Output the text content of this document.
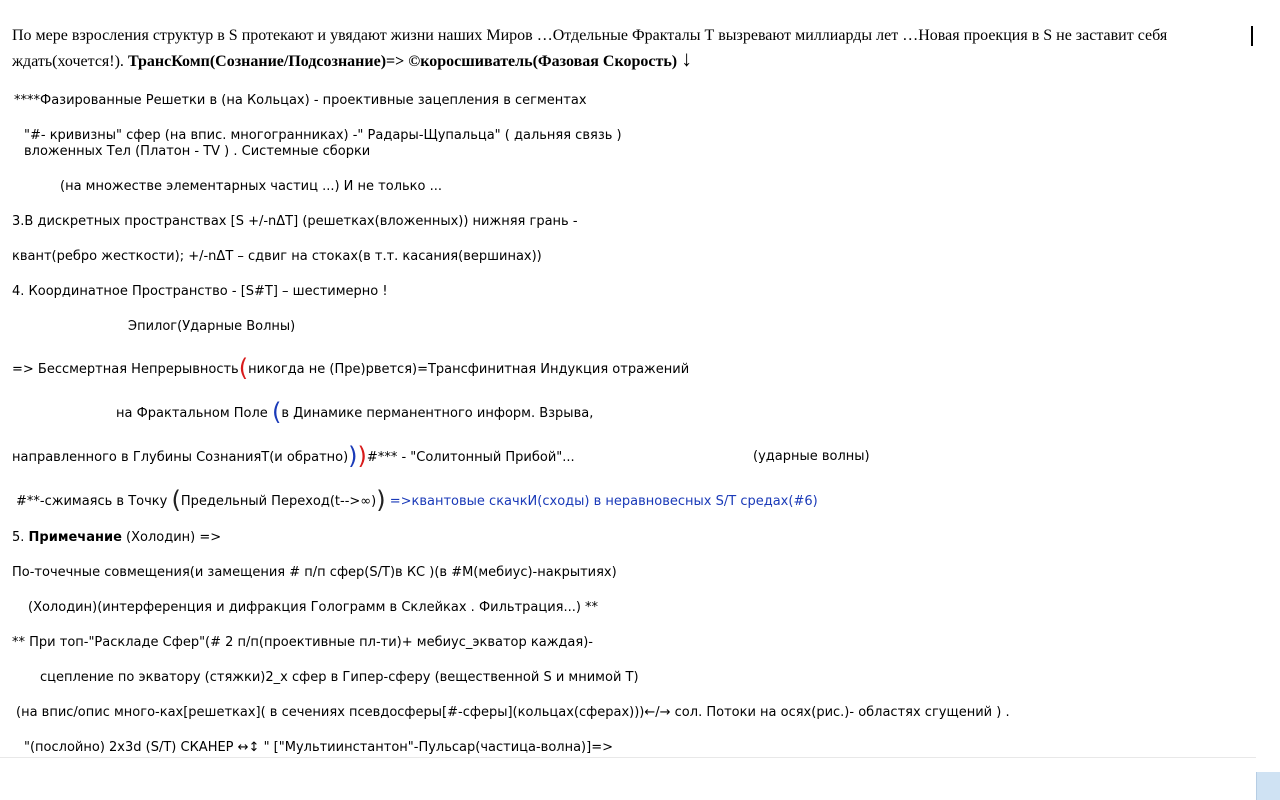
По мере взросления структур в S протекают и увядают жизни наших Миров …Отдельные Фракталы Т вызревают миллиарды лет …Новая проекция в S не заставит себя
ждать(хочется!). ТрансКомп(Сознание/Подсознание)=> ©короcшиватель(Фазовая Скорость) ↓
****Фазированные Решетки в (на Кольцах) - проективные зацепления в сегментах
"#- кривизны" сфер (на впис. многогранниках) -" Радары-Щупальца" ( дальняя связь )
вложенных Тел (Платон - TV ) . Системные сборки
(на множестве элементарных частиц ...) И не только ...
3.В дискретных пространствах [S +/-nΔT] (решетках(вложенных)) нижняя грань -
квант(ребро жесткости); +/-nΔT – сдвиг на стоках(в т.т. касания(вершинах))
4. Координатное Пространство - [S#T] – шестимерно !
Эпилог(Ударные Волны)
=> Бессмертная Непрерывность(никогда не (Пре)рвется)=Трансфинитная Индукция отражений
на Фрактальном Поле (в Динамике перманентного информ. Взрыва,
направленного в Глубины СознанияТ(и обратно)))#*** - "Солитонный Прибой"...	(ударные волны)
#**-сжимаясь в Точку (Предельный Переход(t-->∞)) =>квантовые скачкИ(сходы) в неравновесных S/T средах(#6)
5. Примечание (Холодин) =>
По-точечные совмещения(и замещения # п/п сфер(S/T)в КС )(в #M(мебиус)-накрытиях)
(Холодин)(интерференция и дифракция Голограмм в Склейках . Фильтрация...) **
** При топ-"Раскладе Сфер"(# 2 п/п(проективные пл-ти)+ мебиус_экватор каждая)-
сцепление по экватору (стяжки)2_х сфер в Гипер-сферу (вещественной S и мнимой T)
(на впис/опис много-ках[решетках]( в сечениях псевдосферы[#-сферы](кольцах(сферах)))←/→ сол. Потоки на осях(рис.)- областях сгущений ) .
"(послойно) 2x3d (S/T) СКАНЕР ↔↕ " ["Мультиинстантон"-Пульсар(частица-волна)]=>
